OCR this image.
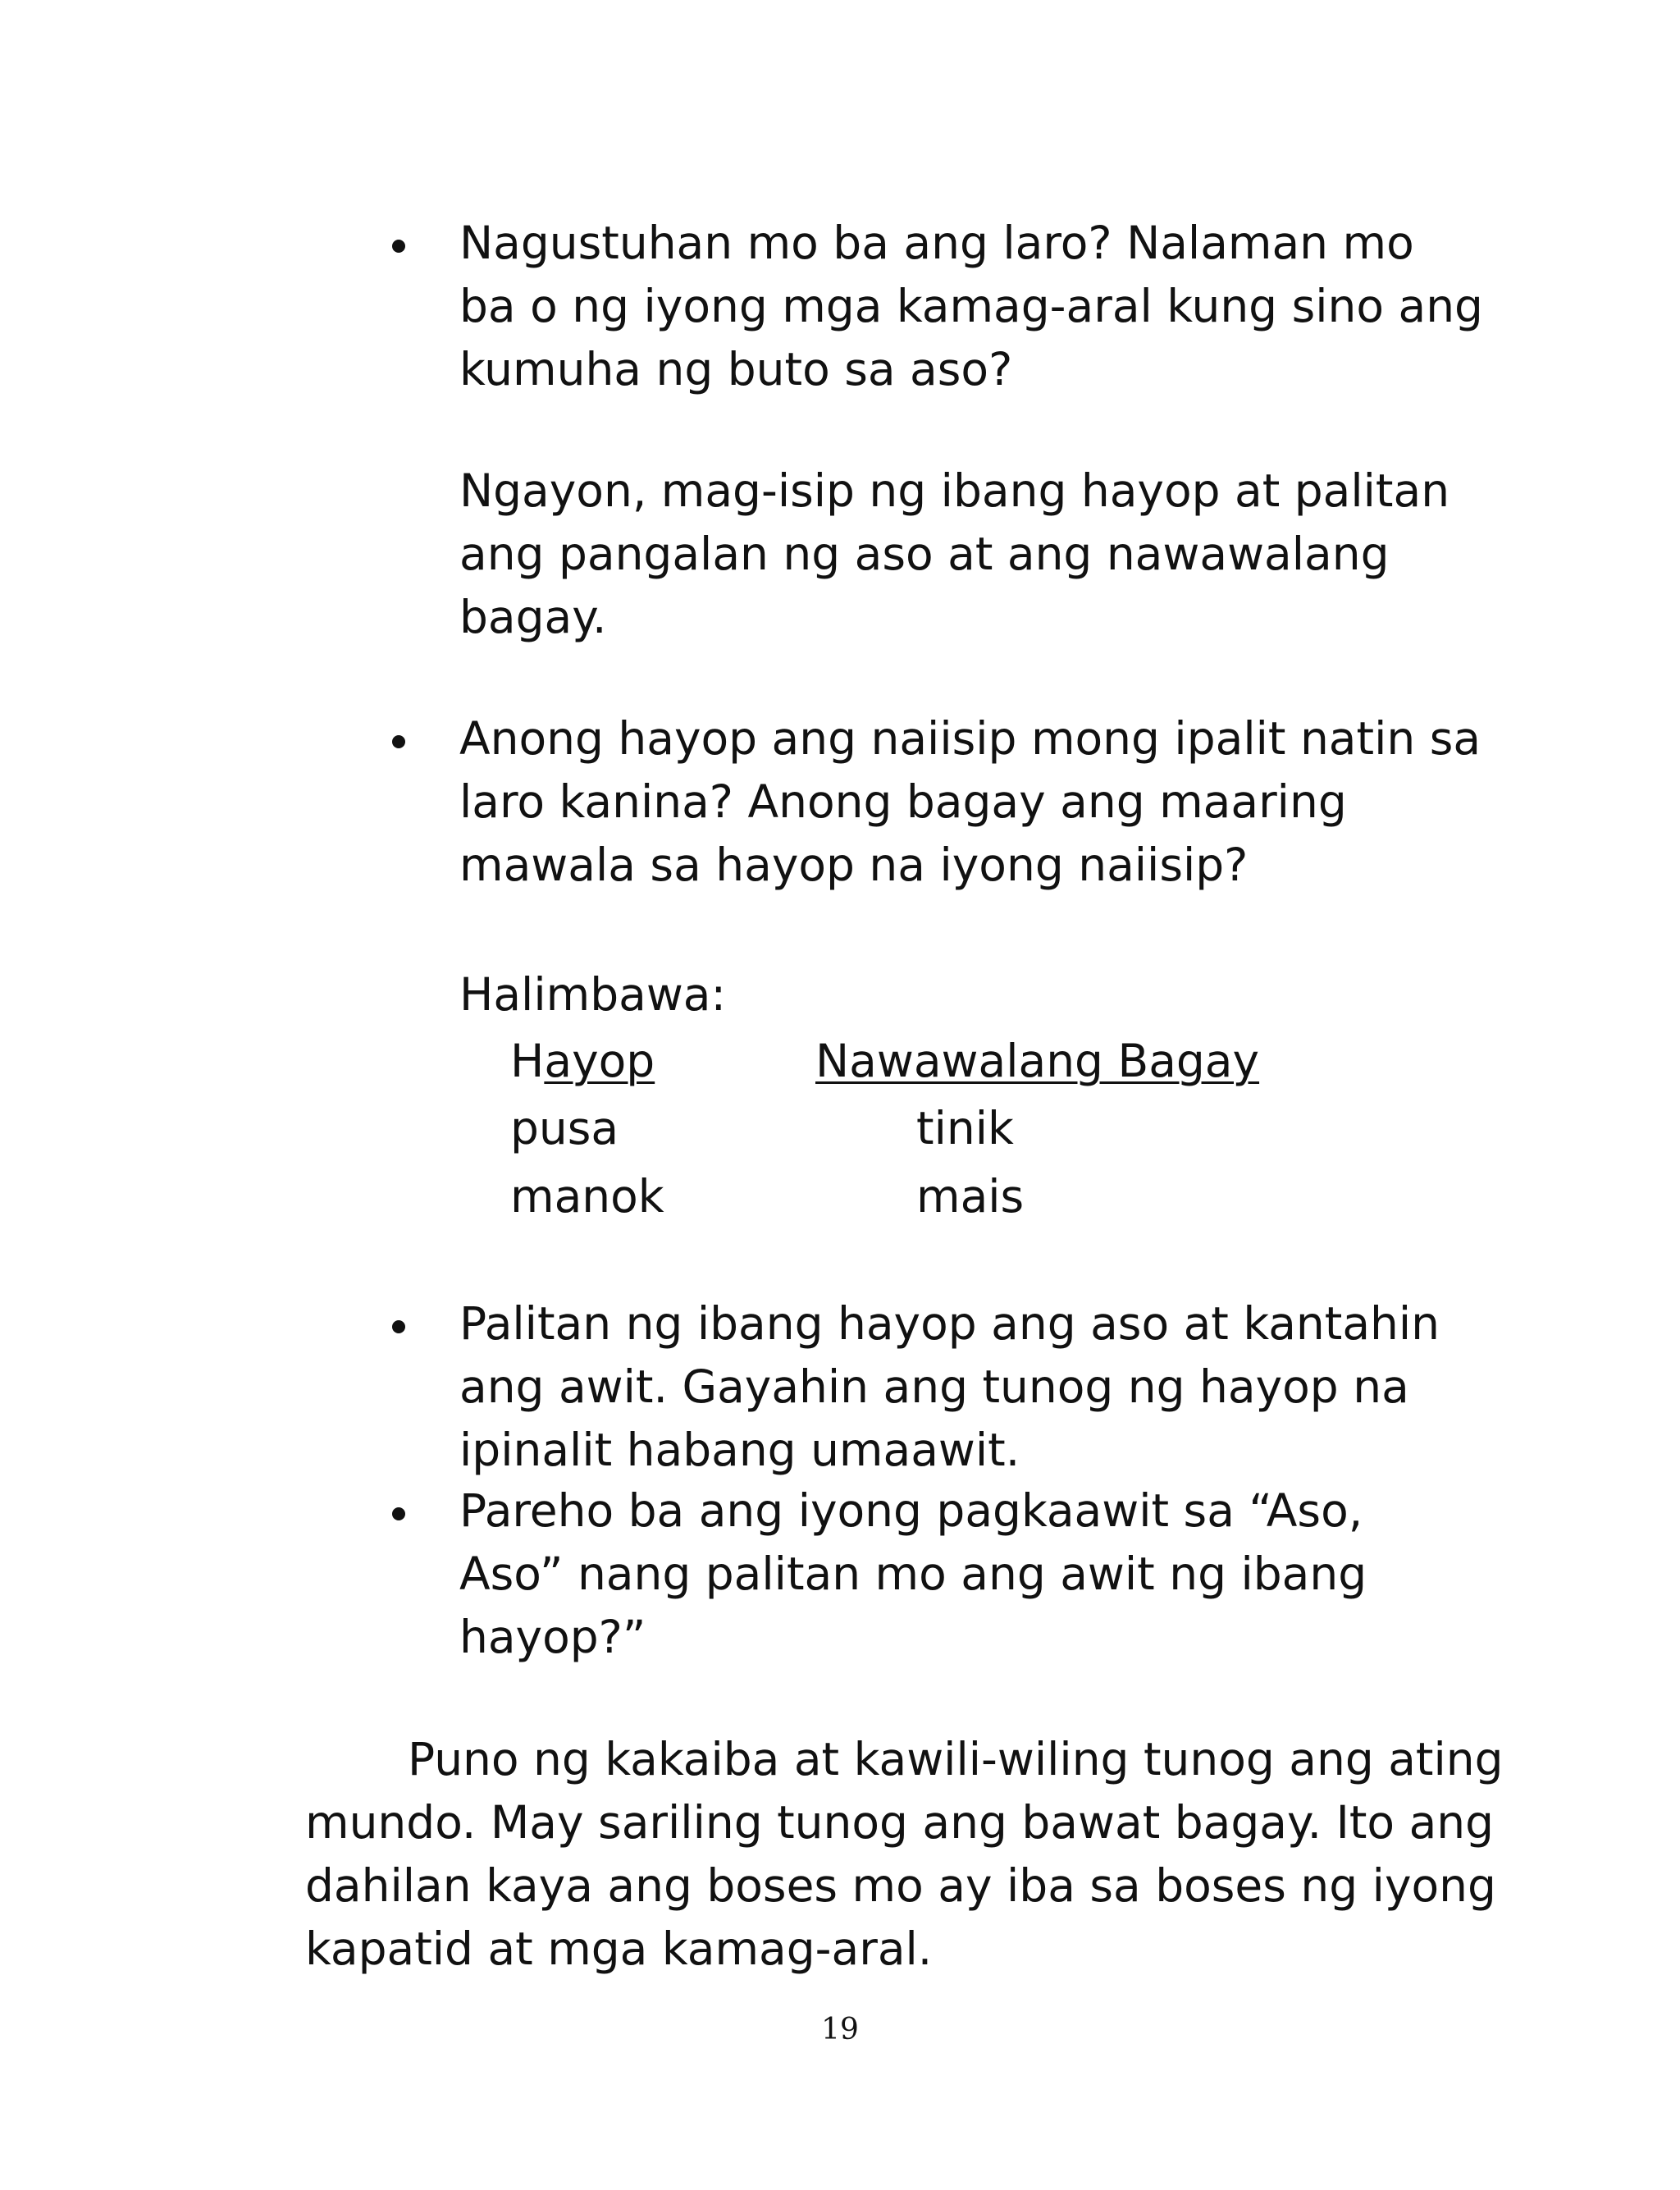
Nagustuhan mo ba ang laro? Nalaman mo
ba o ng iyong mga kamag-aral kung sino ang
kumuha ng buto sa aso?
Ngayon, mag-isip ng ibang hayop at palitan
ang pangalan ng aso at ang nawawalang
bagay.
Anong hayop ang naiisip mong ipalit natin sa
laro kanina? Anong bagay ang maaring
mawala sa hayop na iyong naiisip?
Halimbawa:
Hayop	Nawawalang Bagay
pusa	tinik
manok	mais
Palitan ng ibang hayop ang aso at kantahin
ang awit. Gayahin ang tunog ng hayop na
ipinalit habang umaawit.
Pareho ba ang iyong pagkaawit sa “Aso,
Aso” nang palitan mo ang awit ng ibang
hayop?”
Puno ng kakaiba at kawili-wiling tunog ang ating mundo. May sariling tunog ang bawat bagay. Ito ang dahilan kaya ang boses mo ay iba sa boses ng iyong kapatid at mga kamag-aral.
19
